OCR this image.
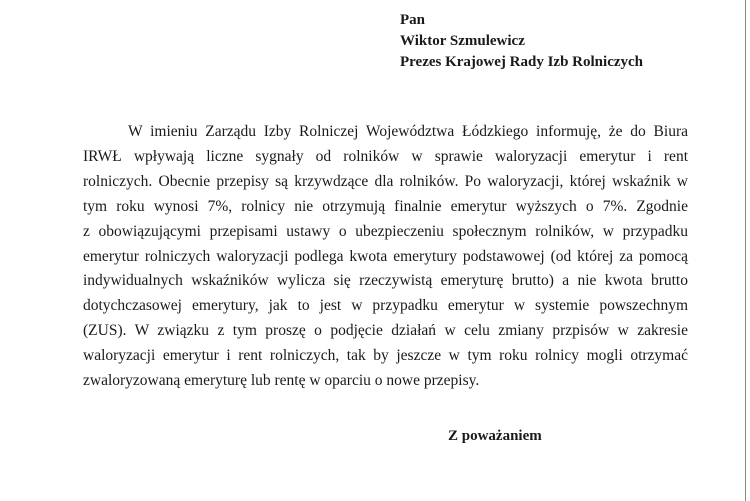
Pan
Wiktor Szmulewicz
Prezes Krajowej Rady Izb Rolniczych
W imieniu Zarządu Izby Rolniczej Województwa Łódzkiego informuję, że do Biura
IRWŁ wpływają liczne sygnały od rolników w sprawie waloryzacji emerytur i rent
rolniczych. Obecnie przepisy są krzywdzące dla rolników. Po waloryzacji, której wskaźnik w
tym roku wynosi 7%, rolnicy nie otrzymują finalnie emerytur wyższych o 7%. Zgodnie
z obowiązującymi przepisami ustawy o ubezpieczeniu społecznym rolników, w przypadku
emerytur rolniczych waloryzacji podlega kwota emerytury podstawowej (od której za pomocą
indywidualnych wskaźników wylicza się rzeczywistą emeryturę brutto) a nie kwota brutto
dotychczasowej emerytury, jak to jest w przypadku emerytur w systemie powszechnym
(ZUS). W związku z tym proszę o podjęcie działań w celu zmiany przpisów w zakresie
waloryzacji emerytur i rent rolniczych, tak by jeszcze w tym roku rolnicy mogli otrzymać
zwaloryzowaną emeryturę lub rentę w oparciu o nowe przepisy.
Z poważaniem
